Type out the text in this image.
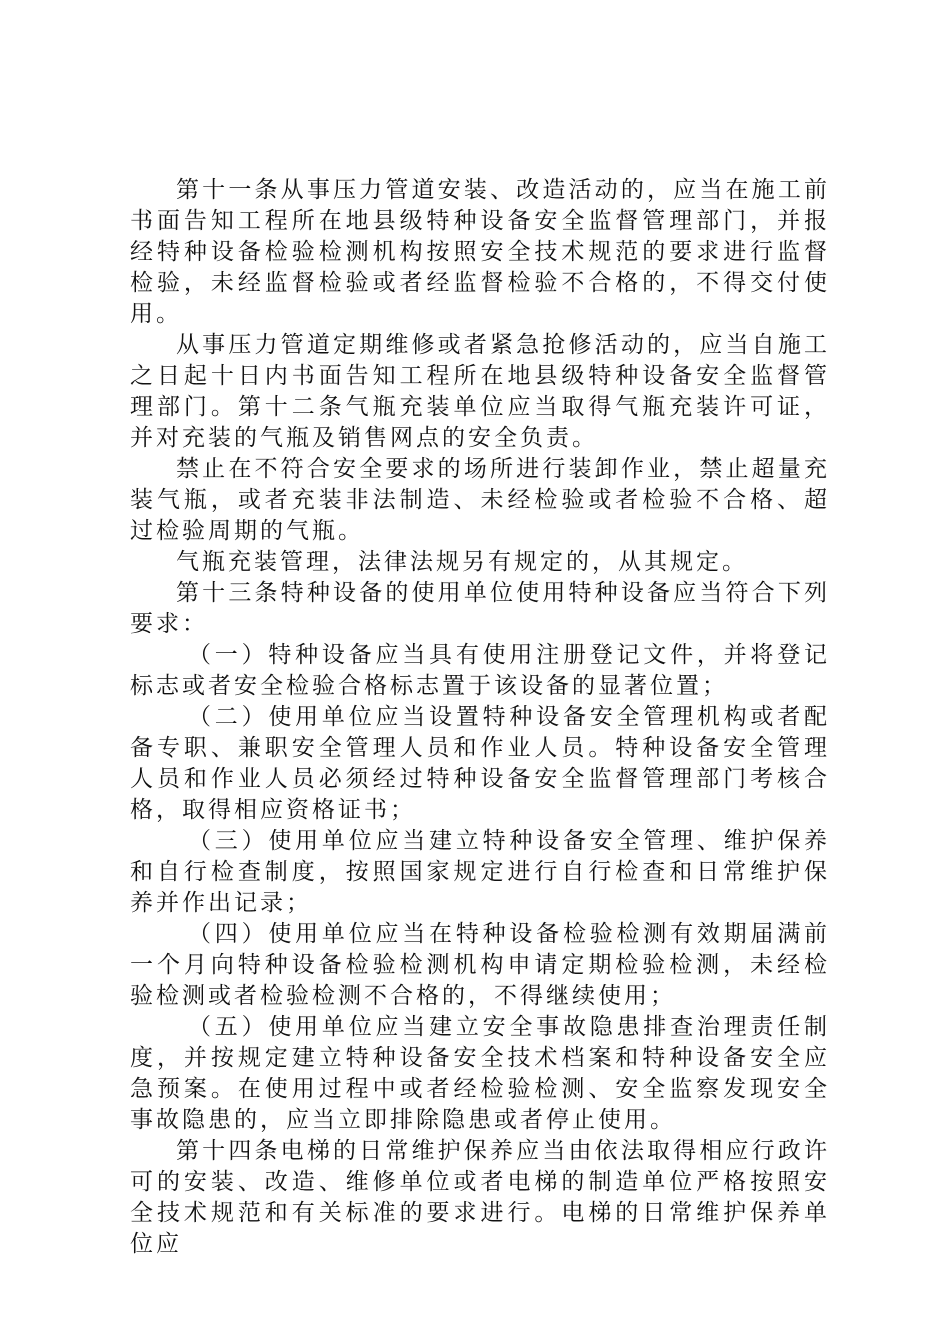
第十一条从事压力管道安装、改造活动的，应当在施工前书面告知工程所在地县级特种设备安全监督管理部门，并报经特种设备检验检测机构按照安全技术规范的要求进行监督检验，未经监督检验或者经监督检验不合格的，不得交付使用。

从事压力管道定期维修或者紧急抢修活动的，应当自施工之日起十日内书面告知工程所在地县级特种设备安全监督管理部门。第十二条气瓶充装单位应当取得气瓶充装许可证，并对充装的气瓶及销售网点的安全负责。

禁止在不符合安全要求的场所进行装卸作业，禁止超量充装气瓶，或者充装非法制造、未经检验或者检验不合格、超过检验周期的气瓶。

气瓶充装管理，法律法规另有规定的，从其规定。

第十三条特种设备的使用单位使用特种设备应当符合下列要求：

（一）特种设备应当具有使用注册登记文件，并将登记标志或者安全检验合格标志置于该设备的显著位置；

（二）使用单位应当设置特种设备安全管理机构或者配备专职、兼职安全管理人员和作业人员。特种设备安全管理人员和作业人员必须经过特种设备安全监督管理部门考核合格，取得相应资格证书；

（三）使用单位应当建立特种设备安全管理、维护保养和自行检查制度，按照国家规定进行自行检查和日常维护保养并作出记录；

（四）使用单位应当在特种设备检验检测有效期届满前一个月向特种设备检验检测机构申请定期检验检测，未经检验检测或者检验检测不合格的，不得继续使用；

（五）使用单位应当建立安全事故隐患排查治理责任制度，并按规定建立特种设备安全技术档案和特种设备安全应急预案。在使用过程中或者经检验检测、安全监察发现安全事故隐患的，应当立即排除隐患或者停止使用。

第十四条电梯的日常维护保养应当由依法取得相应行政许可的安装、改造、维修单位或者电梯的制造单位严格按照安全技术规范和有关标准的要求进行。电梯的日常维护保养单位应
